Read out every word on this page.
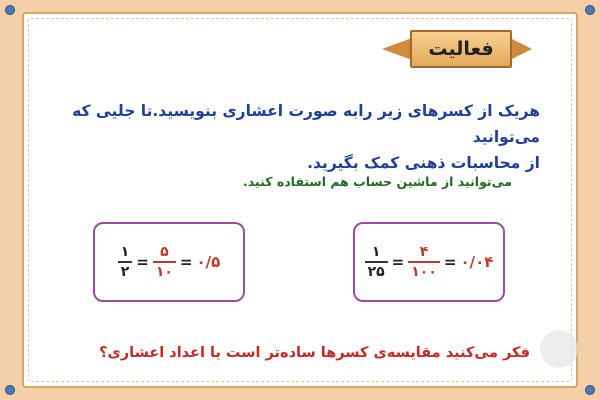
فعالیت
هریک از کسرهای زیر رابه صورت اعشاری بنویسید.تا جلیی که می‌توانید
از محاسبات ذهنی کمک بگیرید.
می‌توانید از ماشین حساب هم استفاده کنید.
$\frac{۱}{۲} = \frac{۵}{۱۰}$ = ۰/۵	$\frac{۱}{۲۵} = \frac{۴}{۱۰۰}$ = ۰/۰۴
فکر می‌کنید مقایسه‌ی کسرها ساده‌تر است یا اعداد اعشاری؟
